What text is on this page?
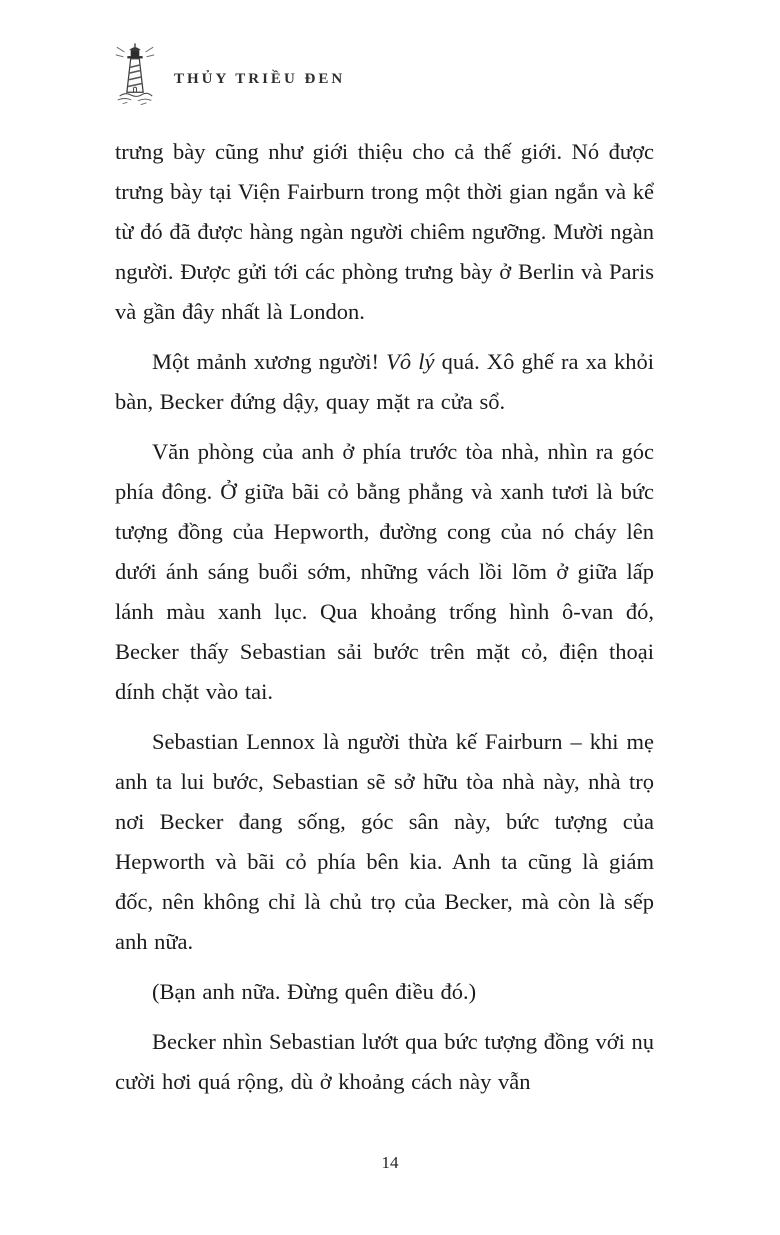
THỦY TRIỀU ĐEN

trưng bày cũng như giới thiệu cho cả thế giới. Nó được trưng bày tại Viện Fairburn trong một thời gian ngắn và kể từ đó đã được hàng ngàn người chiêm ngưỡng. Mười ngàn người. Được gửi tới các phòng trưng bày ở Berlin và Paris và gần đây nhất là London.

Một mảnh xương người! Vô lý quá. Xô ghế ra xa khỏi bàn, Becker đứng dậy, quay mặt ra cửa sổ.

Văn phòng của anh ở phía trước tòa nhà, nhìn ra góc phía đông. Ở giữa bãi cỏ bằng phẳng và xanh tươi là bức tượng đồng của Hepworth, đường cong của nó cháy lên dưới ánh sáng buổi sớm, những vách lồi lõm ở giữa lấp lánh màu xanh lục. Qua khoảng trống hình ô-van đó, Becker thấy Sebastian sải bước trên mặt cỏ, điện thoại dính chặt vào tai.

Sebastian Lennox là người thừa kế Fairburn – khi mẹ anh ta lui bước, Sebastian sẽ sở hữu tòa nhà này, nhà trọ nơi Becker đang sống, góc sân này, bức tượng của Hepworth và bãi cỏ phía bên kia. Anh ta cũng là giám đốc, nên không chỉ là chủ trọ của Becker, mà còn là sếp anh nữa.

(Bạn anh nữa. Đừng quên điều đó.)

Becker nhìn Sebastian lướt qua bức tượng đồng với nụ cười hơi quá rộng, dù ở khoảng cách này vẫn

14
